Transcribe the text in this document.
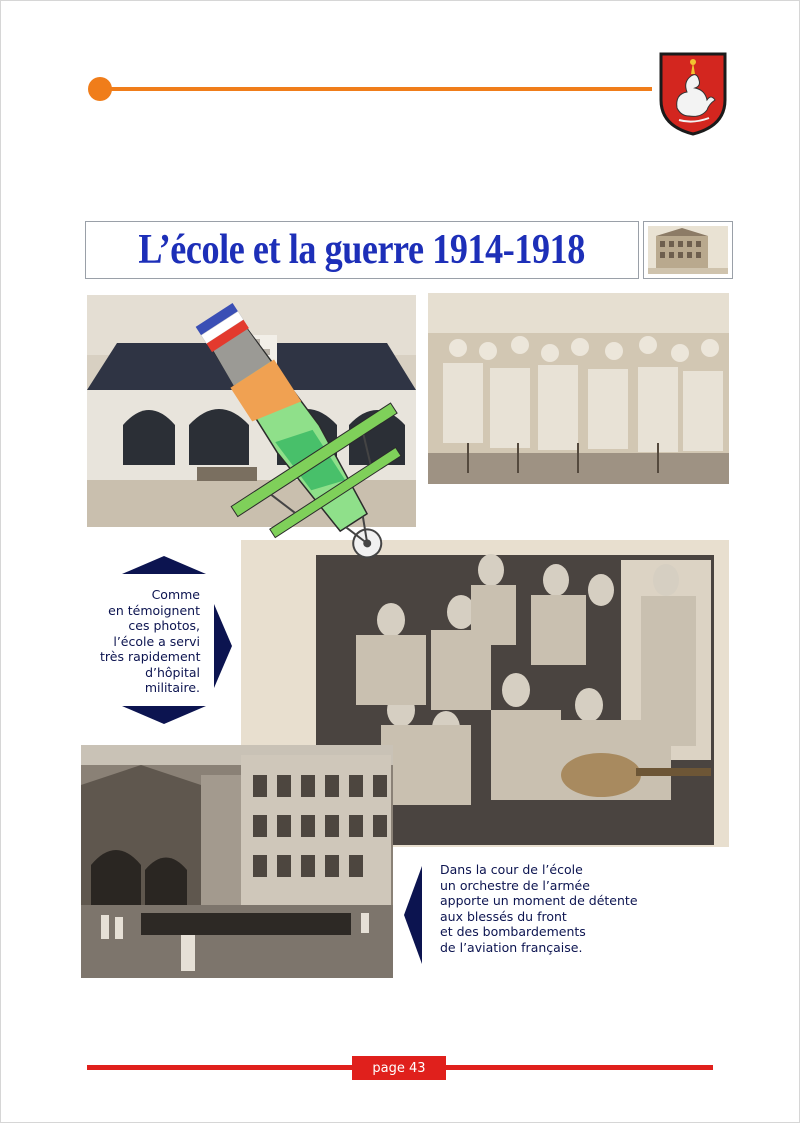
L’école et la guerre 1914-1918
Comme
en témoignent
ces photos,
l’école a servi
très rapidement
d’hôpital
militaire.
Dans la cour de l’école
un orchestre de l’armée
apporte un moment de détente
aux blessés du front
et des bombardements
de l’aviation française.
page 43
